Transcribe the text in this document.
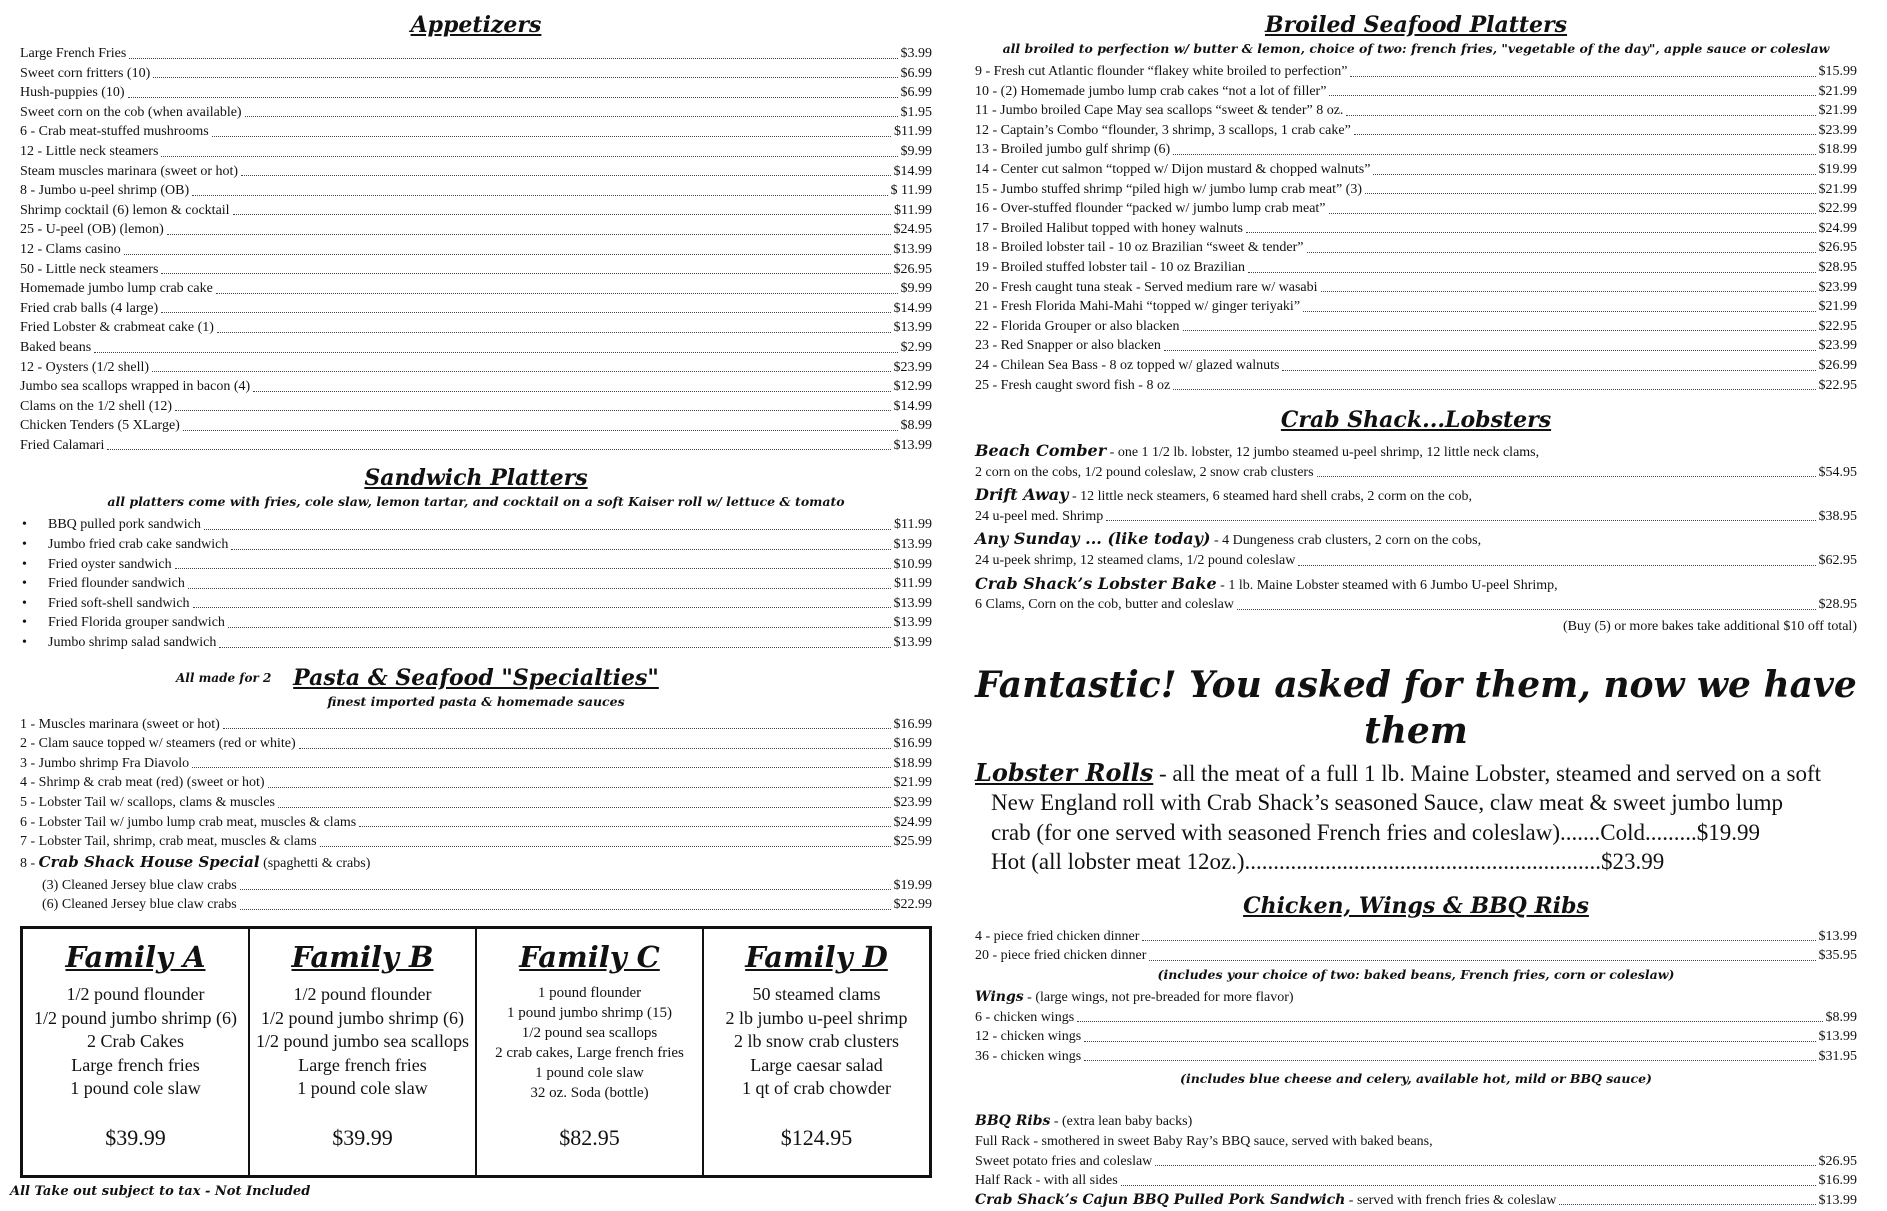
Appetizers
Large French Fries	$3.99
Sweet corn fritters (10)	$6.99
Hush-puppies (10)	$6.99
Sweet corn on the cob (when available)	$1.95
6 - Crab meat-stuffed mushrooms	$11.99
12 - Little neck steamers	$9.99
Steam muscles marinara (sweet or hot)	$14.99
8 - Jumbo u-peel shrimp (OB)	$ 11.99
Shrimp cocktail (6) lemon & cocktail	$11.99
25 - U-peel (OB) (lemon)	$24.95
12 - Clams casino	$13.99
50 - Little neck steamers	$26.95
Homemade jumbo lump crab cake	$9.99
Fried crab balls (4 large)	$14.99
Fried Lobster & crabmeat cake (1)	$13.99
Baked beans	$2.99
12 - Oysters (1/2 shell)	$23.99
Jumbo sea scallops wrapped in bacon (4)	$12.99
Clams on the 1/2 shell (12)	$14.99
Chicken Tenders (5 XLarge)	$8.99
Fried Calamari	$13.99
Sandwich Platters

all platters come with fries, cole slaw, lemon tartar, and cocktail on a soft Kaiser roll w/ lettuce & tomato

• BBQ pulled pork sandwich	$11.99
• Jumbo fried crab cake sandwich	$13.99
• Fried oyster sandwich	$10.99
• Fried flounder sandwich	$11.99
• Fried soft-shell sandwich	$13.99
• Fried Florida grouper sandwich	$13.99
• Jumbo shrimp salad sandwich	$13.99
All made for 2 Pasta & Seafood "Specialties"

finest imported pasta & homemade sauces

1 - Muscles marinara (sweet or hot)	$16.99
2 - Clam sauce topped w/ steamers (red or white)	$16.99
3 - Jumbo shrimp Fra Diavolo	$18.99
4 - Shrimp & crab meat (red) (sweet or hot)	$21.99
5 - Lobster Tail w/ scallops, clams & muscles	$23.99
6 - Lobster Tail w/ jumbo lump crab meat, muscles & clams	$24.99
7 - Lobster Tail, shrimp, crab meat, muscles & clams	$25.99
8 - Crab Shack House Special (spaghetti & crabs)
(3) Cleaned Jersey blue claw crabs	$19.99
(6) Cleaned Jersey blue claw crabs	$22.99
Family A
1/2 pound flounder
1/2 pound jumbo shrimp (6)
2 Crab Cakes
Large french fries
1 pound cole slaw
$39.99
Family B
1/2 pound flounder
1/2 pound jumbo shrimp (6)
1/2 pound jumbo sea scallops
Large french fries
1 pound cole slaw
$39.99
Family C
1 pound flounder
1 pound jumbo shrimp (15)
1/2 pound sea scallops
2 crab cakes, Large french fries
1 pound cole slaw
32 oz. Soda (bottle)
$82.95
Family D
50 steamed clams
2 lb jumbo u-peel shrimp
2 lb snow crab clusters
Large caesar salad
1 qt of crab chowder
$124.95
All Take out subject to tax - Not Included
Broiled Seafood Platters

all broiled to perfection w/ butter & lemon, choice of two: french fries, "vegetable of the day", apple sauce or coleslaw

9 - Fresh cut Atlantic flounder “flakey white broiled to perfection”	$15.99
10 - (2) Homemade jumbo lump crab cakes “not a lot of filler”	$21.99
11 - Jumbo broiled Cape May sea scallops “sweet & tender” 8 oz.	$21.99
12 - Captain’s Combo “flounder, 3 shrimp, 3 scallops, 1 crab cake”	$23.99
13 - Broiled jumbo gulf shrimp (6)	$18.99
14 - Center cut salmon “topped w/ Dijon mustard & chopped walnuts”	$19.99
15 - Jumbo stuffed shrimp “piled high w/ jumbo lump crab meat” (3)	$21.99
16 - Over-stuffed flounder “packed w/ jumbo lump crab meat”	$22.99
17 - Broiled Halibut topped with honey walnuts	$24.99
18 - Broiled lobster tail - 10 oz Brazilian “sweet & tender”	$26.95
19 - Broiled stuffed lobster tail - 10 oz Brazilian	$28.95
20 - Fresh caught tuna steak - Served medium rare w/ wasabi	$23.99
21 - Fresh Florida Mahi-Mahi “topped w/ ginger teriyaki”	$21.99
22 - Florida Grouper or also blacken	$22.95
23 - Red Snapper or also blacken	$23.99
24 - Chilean Sea Bass - 8 oz topped w/ glazed walnuts	$26.99
25 - Fresh caught sword fish - 8 oz	$22.95
Crab Shack...Lobsters
Beach Comber - one 1 1/2 lb. lobster, 12 jumbo steamed u-peel shrimp, 12 little neck clams,
2 corn on the cobs, 1/2 pound coleslaw, 2 snow crab clusters	$54.95
Drift Away - 12 little neck steamers, 6 steamed hard shell crabs, 2 corm on the cob,
24 u-peel med. Shrimp	$38.95
Any Sunday ... (like today) - 4 Dungeness crab clusters, 2 corn on the cobs,
24 u-peek shrimp, 12 steamed clams, 1/2 pound coleslaw	$62.95
Crab Shack’s Lobster Bake - 1 lb. Maine Lobster steamed with 6 Jumbo U-peel Shrimp,
6 Clams, Corn on the cob, butter and coleslaw	$28.95
(Buy (5) or more bakes take additional $10 off total)
Fantastic! You asked for them, now we have them
Lobster Rolls - all the meat of a full 1 lb. Maine Lobster, steamed and served on a soft
New England roll with Crab Shack’s seasoned Sauce, claw meat & sweet jumbo lump
crab (for one served with seasoned French fries and coleslaw).......Cold.........$19.99
Hot (all lobster meat 12oz.)..............................................................$23.99
Chicken, Wings & BBQ Ribs
4 - piece fried chicken dinner	$13.99
20 - piece fried chicken dinner	$35.95

(includes your choice of two: baked beans, French fries, corn or coleslaw)

Wings - (large wings, not pre-breaded for more flavor)
6 - chicken wings	$8.99
12 - chicken wings	$13.99
36 - chicken wings	$31.95

(includes blue cheese and celery, available hot, mild or BBQ sauce)

BBQ Ribs - (extra lean baby backs)
Full Rack - smothered in sweet Baby Ray’s BBQ sauce, served with baked beans,
Sweet potato fries and coleslaw	$26.95
Half Rack - with all sides	$16.99
Crab Shack’s Cajun BBQ Pulled Pork Sandwich - served with french fries & coleslaw	$13.99
